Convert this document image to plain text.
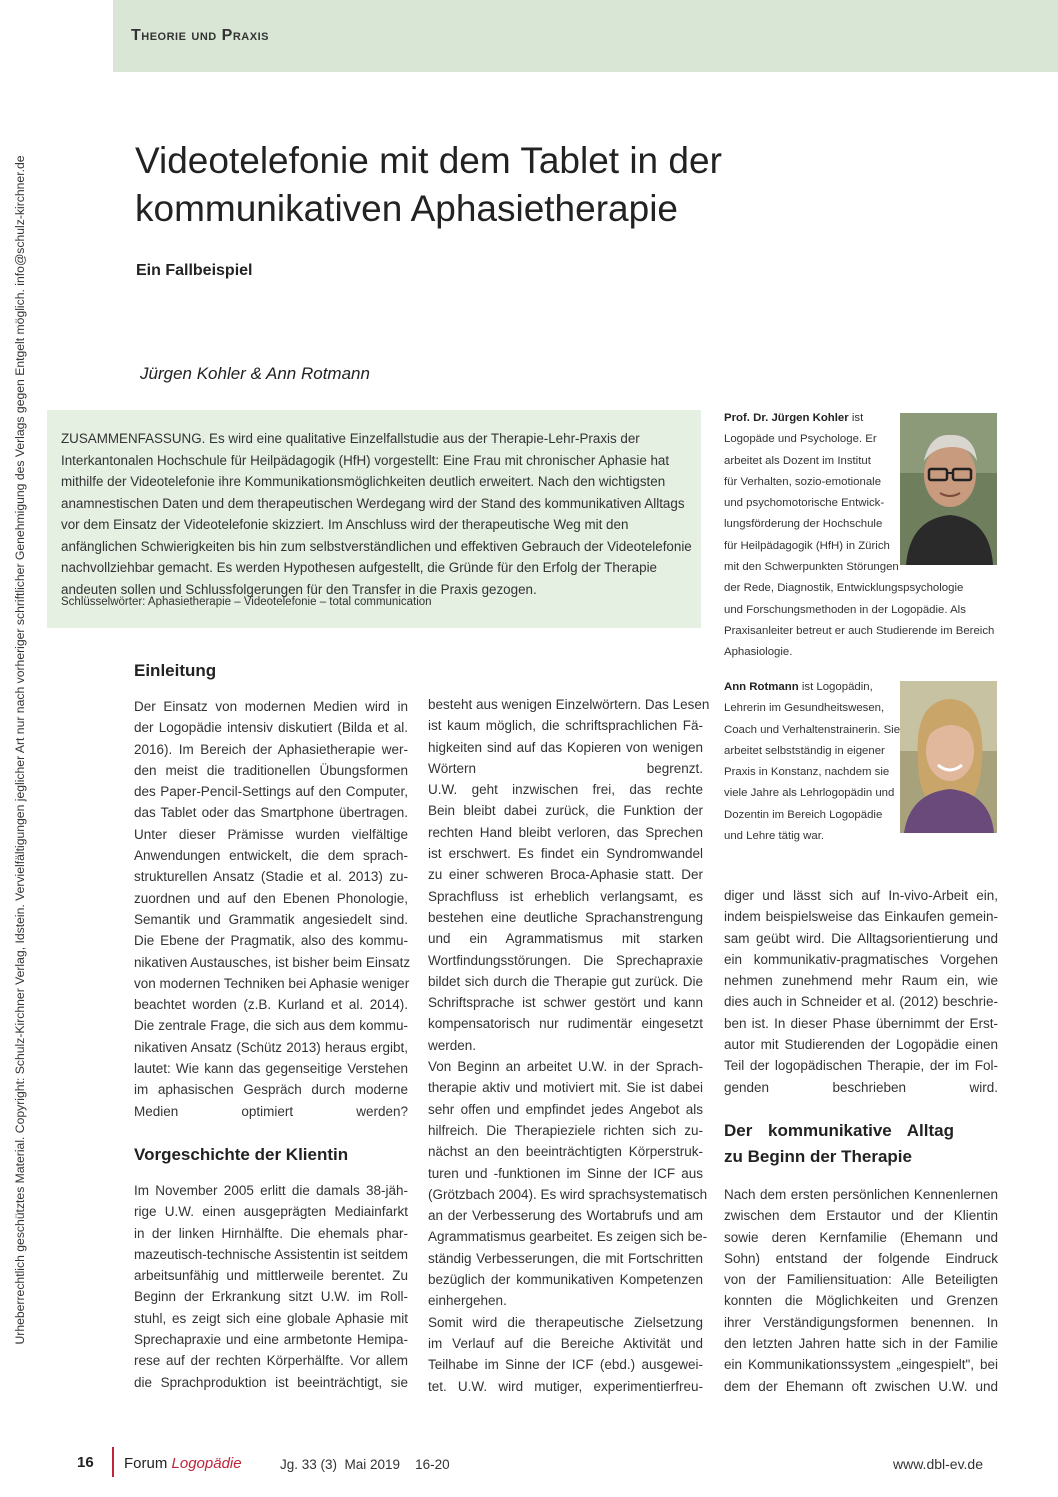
Theorie und Praxis
Urheberrechtlich geschütztes Material. Copyright: Schulz-Kirchner Verlag, Idstein. Vervielfältigungen jeglicher Art nur nach vorheriger schriftlicher Genehmigung des Verlags gegen Entgelt möglich. info@schulz-kirchner.de	Videotelefonie mit dem Tablet in der kommunikativen Aphasietherapie
Ein Fallbeispiel
Jürgen Kohler & Ann Rotmann

ZUSAMMENFASSUNG. Es wird eine qualitative Einzelfallstudie aus der Therapie-Lehr-Praxis der Interkantonalen Hochschule für Heilpädagogik (HfH) vorgestellt: Eine Frau mit chronischer Aphasie hat mithilfe der Videotelefonie ihre Kommunikationsmöglichkeiten deutlich erweitert. Nach den wichtigsten anamnestischen Daten und dem therapeutischen Werdegang wird der Stand des kommunikativen Alltags vor dem Einsatz der Videotelefonie skizziert. Im Anschluss wird der therapeutische Weg mit den anfänglichen Schwierigkeiten bis hin zum selbstverständlichen und effektiven Gebrauch der Videotelefonie nachvollziehbar gemacht. Es werden Hypothesen aufgestellt, die Gründe für den Erfolg der Therapie andeuten sollen und Schlussfolgerungen für den Transfer in die Praxis gezogen.

Schlüsselwörter: Aphasietherapie – Videotelefonie – total communication
Prof. Dr. Jürgen Kohler ist
Logopäde und Psychologe. Er
arbeitet als Dozent im Institut
für Verhalten, sozio-emotionale
und psychomotorische Entwick-
lungsförderung der Hochschule
für Heilpädagogik (HfH) in Zürich
mit den Schwerpunkten Störungen
der Rede, Diagnostik, Entwicklungspsychologie
und Forschungsmethoden in der Logopädie. Als
Praxisanleiter betreut er auch Studierende im Bereich
Aphasiologie.
Ann Rotmann ist Logopädin,
Lehrerin im Gesundheitswesen,
Coach und Verhaltenstrainerin. Sie
arbeitet selbstständig in eigener
Praxis in Konstanz, nachdem sie
viele Jahre als Lehrlogopädin und
Dozentin im Bereich Logopädie
und Lehre tätig war.
Einleitung
Der Einsatz von modernen Medien wird in
der Logopädie intensiv diskutiert (Bilda et al.
2016). Im Bereich der Aphasietherapie wer-
den meist die traditionellen Übungsformen
des Paper-Pencil-Settings auf den Computer,
das Tablet oder das Smartphone übertragen.
Unter dieser Prämisse wurden vielfältige
Anwendungen entwickelt, die dem sprach-
strukturellen Ansatz (Stadie et al. 2013) zu-
zuordnen und auf den Ebenen Phonologie,
Semantik und Grammatik angesiedelt sind.
Die Ebene der Pragmatik, also des kommu-
nikativen Austausches, ist bisher beim Einsatz
von modernen Techniken bei Aphasie weniger
beachtet worden (z.B. Kurland et al. 2014).
Die zentrale Frage, die sich aus dem kommu-
nikativen Ansatz (Schütz 2013) heraus ergibt,
lautet: Wie kann das gegenseitige Verstehen
im aphasischen Gespräch durch moderne
Medien optimiert werden?
Vorgeschichte der Klientin
Im November 2005 erlitt die damals 38-jäh-
rige U.W. einen ausgeprägten Mediainfarkt
in der linken Hirnhälfte. Die ehemals phar-
mazeutisch-technische Assistentin ist seitdem
arbeitsunfähig und mittlerweile berentet. Zu
Beginn der Erkrankung sitzt U.W. im Roll-
stuhl, es zeigt sich eine globale Aphasie mit
Sprechapraxie und eine armbetonte Hemipa-
rese auf der rechten Körperhälfte. Vor allem
die Sprachproduktion ist beeinträchtigt, sie
besteht aus wenigen Einzelwörtern. Das Lesen
ist kaum möglich, die schriftsprachlichen Fä-
higkeiten sind auf das Kopieren von wenigen
Wörtern begrenzt.
U.W. geht inzwischen frei, das rechte
Bein bleibt dabei zurück, die Funktion der
rechten Hand bleibt verloren, das Sprechen
ist erschwert. Es findet ein Syndromwandel
zu einer schweren Broca-Aphasie statt. Der
Sprachfluss ist erheblich verlangsamt, es
bestehen eine deutliche Sprachanstrengung
und ein Agrammatismus mit starken
Wortfindungsstörungen. Die Sprechapraxie
bildet sich durch die Therapie gut zurück. Die
Schriftsprache ist schwer gestört und kann
kompensatorisch nur rudimentär eingesetzt
werden.
Von Beginn an arbeitet U.W. in der Sprach-
therapie aktiv und motiviert mit. Sie ist dabei
sehr offen und empfindet jedes Angebot als
hilfreich. Die Therapieziele richten sich zu-
nächst an den beeinträchtigten Körperstruk-
turen und -funktionen im Sinne der ICF aus
(Grötzbach 2004). Es wird sprachsystematisch
an der Verbesserung des Wortabrufs und am
Agrammatismus gearbeitet. Es zeigen sich be-
ständig Verbesserungen, die mit Fortschritten
bezüglich der kommunikativen Kompetenzen
einhergehen.
Somit wird die therapeutische Zielsetzung
im Verlauf auf die Bereiche Aktivität und
Teilhabe im Sinne der ICF (ebd.) ausgewei-
tet. U.W. wird mutiger, experimentierfreu-
diger und lässt sich auf In-vivo-Arbeit ein,
indem beispielsweise das Einkaufen gemein-
sam geübt wird. Die Alltagsorientierung und
ein kommunikativ-pragmatisches Vorgehen
nehmen zunehmend mehr Raum ein, wie
dies auch in Schneider et al. (2012) beschrie-
ben ist. In dieser Phase übernimmt der Erst-
autor mit Studierenden der Logopädie einen
Teil der logopädischen Therapie, der im Fol-
genden beschrieben wird.
Der kommunikative Alltag zu Beginn der Therapie
Nach dem ersten persönlichen Kennenlernen
zwischen dem Erstautor und der Klientin
sowie deren Kernfamilie (Ehemann und
Sohn) entstand der folgende Eindruck
von der Familiensituation: Alle Beteiligten
konnten die Möglichkeiten und Grenzen
ihrer Verständigungsformen benennen. In
den letzten Jahren hatte sich in der Familie
ein Kommunikationssystem „eingespielt", bei
dem der Ehemann oft zwischen U.W. und
16 Forum Logopädie	Jg. 33 (3)  Mai 2019    16-20	www.dbl-ev.de
